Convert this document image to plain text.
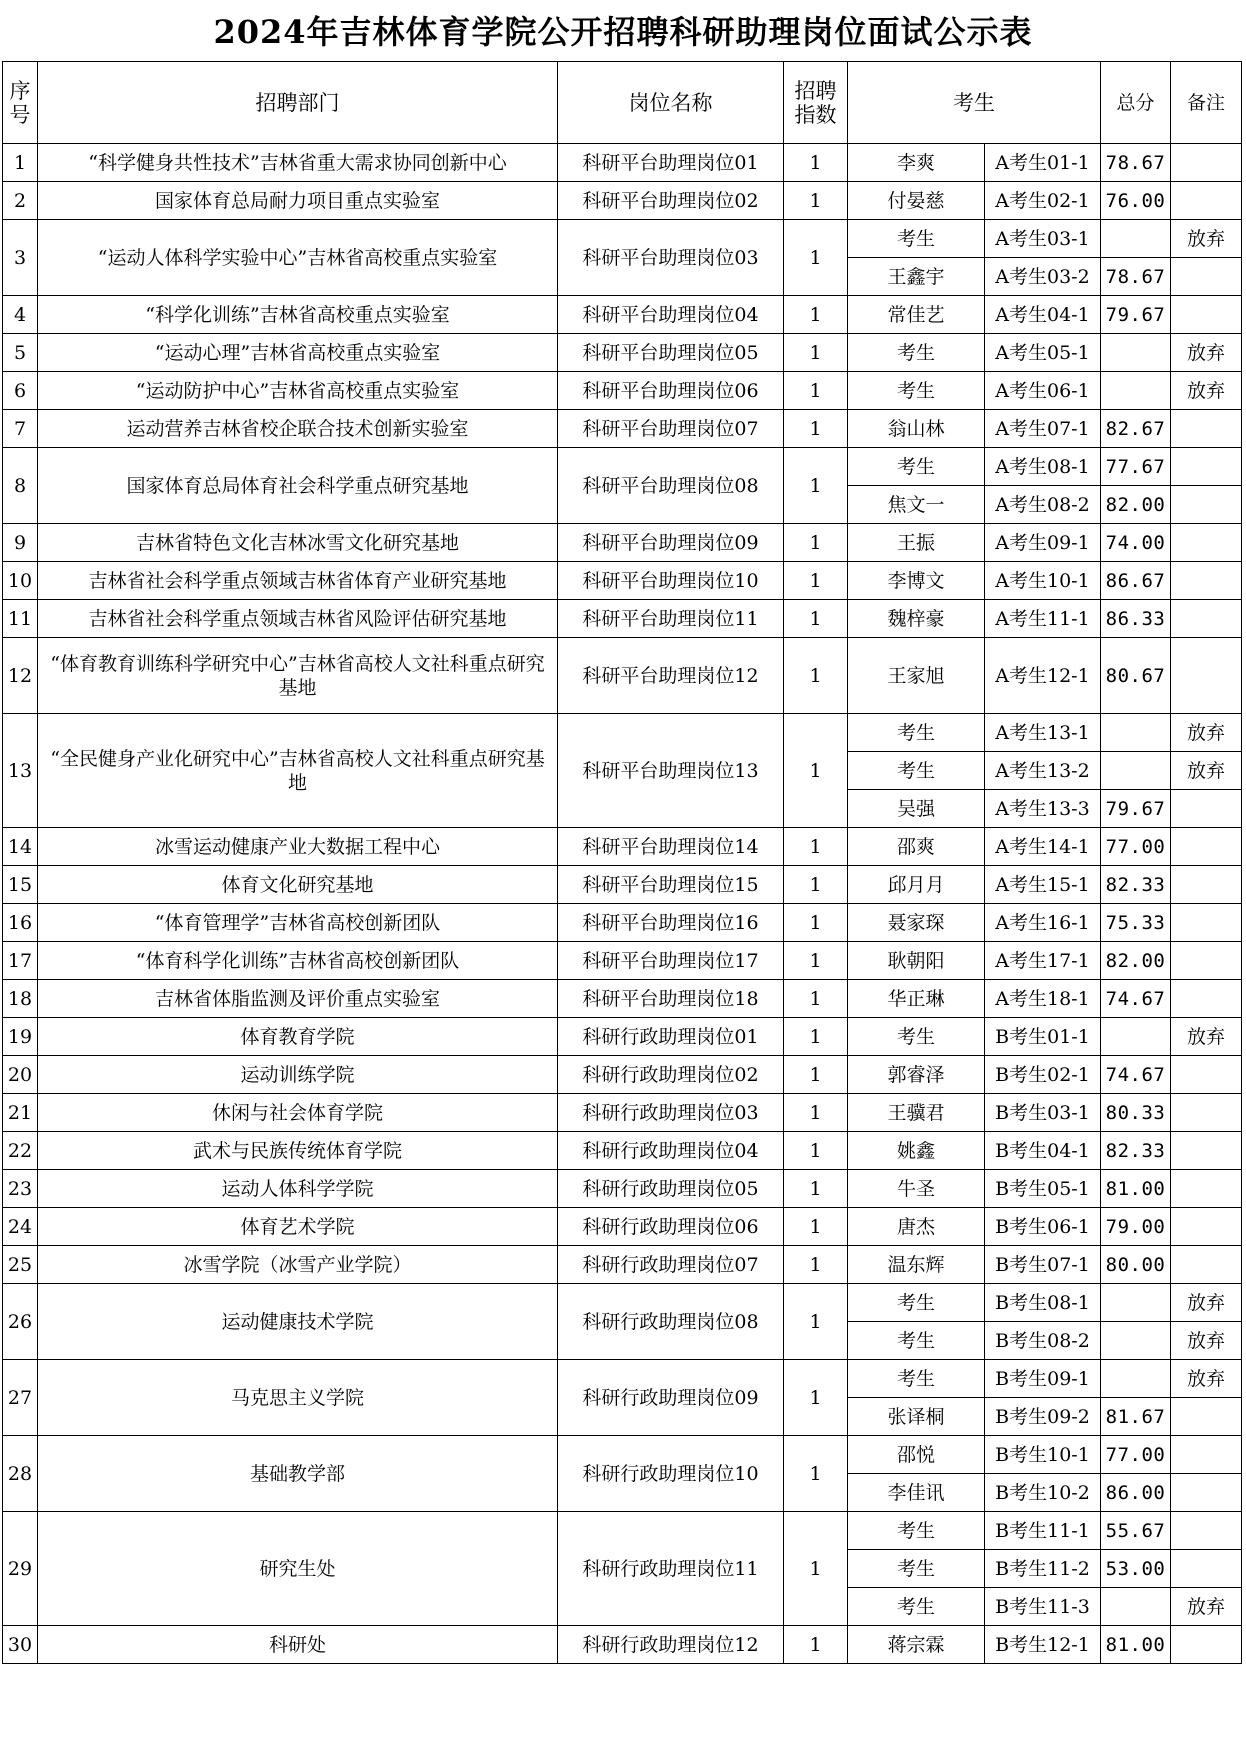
2024年吉林体育学院公开招聘科研助理岗位面试公示表
序号	招聘部门	岗位名称	招聘指数	考生		总分	备注
1	“科学健身共性技术”吉林省重大需求协同创新中心	科研平台助理岗位01	1	李爽	A考生01-1	78.67	
2	国家体育总局耐力项目重点实验室	科研平台助理岗位02	1	付晏慈	A考生02-1	76.00	
3	“运动人体科学实验中心”吉林省高校重点实验室	科研平台助理岗位03	1	考生	A考生03-1		放弃
				王鑫宇	A考生03-2	78.67	
4	“科学化训练”吉林省高校重点实验室	科研平台助理岗位04	1	常佳艺	A考生04-1	79.67	
5	“运动心理”吉林省高校重点实验室	科研平台助理岗位05	1	考生	A考生05-1		放弃
6	“运动防护中心”吉林省高校重点实验室	科研平台助理岗位06	1	考生	A考生06-1		放弃
7	运动营养吉林省校企联合技术创新实验室	科研平台助理岗位07	1	翁山林	A考生07-1	82.67	
8	国家体育总局体育社会科学重点研究基地	科研平台助理岗位08	1	考生	A考生08-1	77.67	
				焦文一	A考生08-2	82.00	
9	吉林省特色文化吉林冰雪文化研究基地	科研平台助理岗位09	1	王振	A考生09-1	74.00	
10	吉林省社会科学重点领域吉林省体育产业研究基地	科研平台助理岗位10	1	李博文	A考生10-1	86.67	
11	吉林省社会科学重点领域吉林省风险评估研究基地	科研平台助理岗位11	1	魏梓豪	A考生11-1	86.33	
12	“体育教育训练科学研究中心”吉林省高校人文社科重点研究基地	科研平台助理岗位12	1	王家旭	A考生12-1	80.67	
13	“全民健身产业化研究中心”吉林省高校人文社科重点研究基地	科研平台助理岗位13	1	考生	A考生13-1		放弃
				考生	A考生13-2		放弃
				吴强	A考生13-3	79.67	
14	冰雪运动健康产业大数据工程中心	科研平台助理岗位14	1	邵爽	A考生14-1	77.00	
15	体育文化研究基地	科研平台助理岗位15	1	邱月月	A考生15-1	82.33	
16	“体育管理学”吉林省高校创新团队	科研平台助理岗位16	1	聂家琛	A考生16-1	75.33	
17	“体育科学化训练”吉林省高校创新团队	科研平台助理岗位17	1	耿朝阳	A考生17-1	82.00	
18	吉林省体脂监测及评价重点实验室	科研平台助理岗位18	1	华正琳	A考生18-1	74.67	
19	体育教育学院	科研行政助理岗位01	1	考生	B考生01-1		放弃
20	运动训练学院	科研行政助理岗位02	1	郭睿泽	B考生02-1	74.67	
21	休闲与社会体育学院	科研行政助理岗位03	1	王骥君	B考生03-1	80.33	
22	武术与民族传统体育学院	科研行政助理岗位04	1	姚鑫	B考生04-1	82.33	
23	运动人体科学学院	科研行政助理岗位05	1	牛圣	B考生05-1	81.00	
24	体育艺术学院	科研行政助理岗位06	1	唐杰	B考生06-1	79.00	
25	冰雪学院（冰雪产业学院）	科研行政助理岗位07	1	温东辉	B考生07-1	80.00	
26	运动健康技术学院	科研行政助理岗位08	1	考生	B考生08-1		放弃
				考生	B考生08-2		放弃
27	马克思主义学院	科研行政助理岗位09	1	考生	B考生09-1		放弃
				张译桐	B考生09-2	81.67	
28	基础教学部	科研行政助理岗位10	1	邵悦	B考生10-1	77.00	
				李佳讯	B考生10-2	86.00	
29	研究生处	科研行政助理岗位11	1	考生	B考生11-1	55.67	
				考生	B考生11-2	53.00	
				考生	B考生11-3		放弃
30	科研处	科研行政助理岗位12	1	蒋宗霖	B考生12-1	81.00	
